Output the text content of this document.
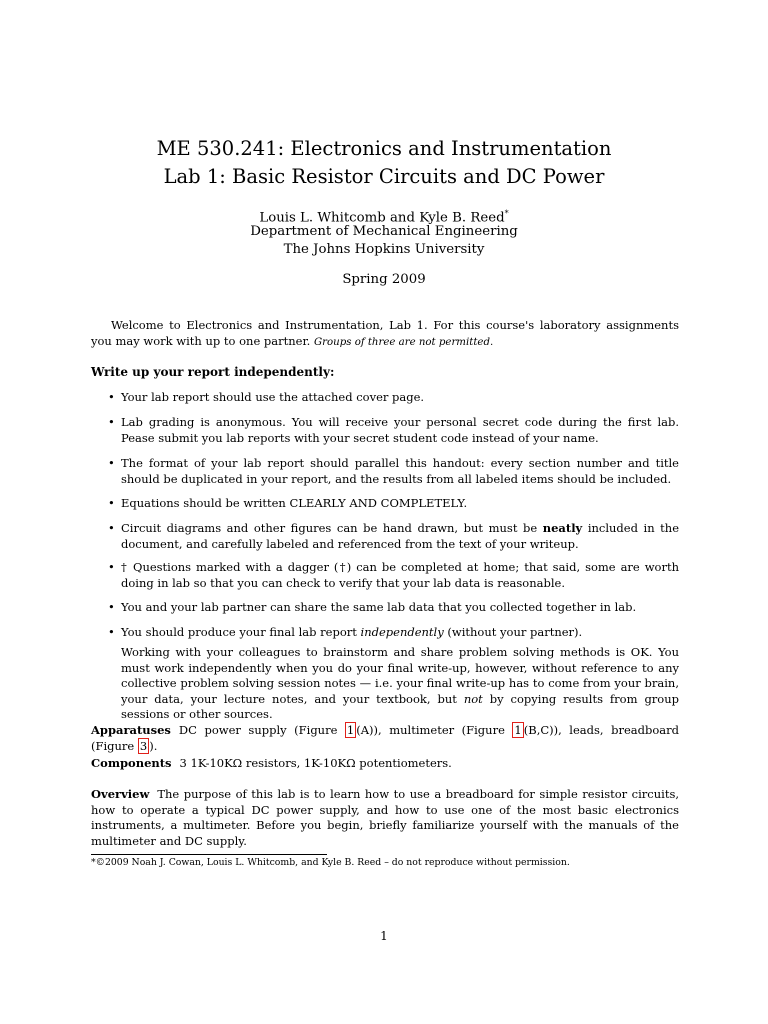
ME 530.241: Electronics and Instrumentation
Lab 1: Basic Resistor Circuits and DC Power
Louis L. Whitcomb and Kyle B. Reed*
Department of Mechanical Engineering
The Johns Hopkins University
Spring 2009
Welcome to Electronics and Instrumentation, Lab 1. For this course's laboratory assignments you may work with up to one partner. Groups of three are not permitted.
Write up your report independently:
• Your lab report should use the attached cover page.
• Lab grading is anonymous. You will receive your personal secret code during the first lab. Pease submit you lab reports with your secret student code instead of your name.
• The format of your lab report should parallel this handout: every section number and title should be duplicated in your report, and the results from all labeled items should be included.
• Equations should be written CLEARLY AND COMPLETELY.
• Circuit diagrams and other figures can be hand drawn, but must be neatly included in the document, and carefully labeled and referenced from the text of your writeup.
• † Questions marked with a dagger (†) can be completed at home; that said, some are worth doing in lab so that you can check to verify that your lab data is reasonable.
• You and your lab partner can share the same lab data that you collected together in lab.
• You should produce your final lab report independently (without your partner).
Working with your colleagues to brainstorm and share problem solving methods is OK. You must work independently when you do your final write-up, however, without reference to any collective problem solving session notes — i.e. your final write-up has to come from your brain, your data, your lecture notes, and your textbook, but not by copying results from group sessions or other sources.
Apparatuses DC power supply (Figure 1 (A)), multimeter (Figure 1 (B,C)), leads, breadboard (Figure 3 ).
Components 3 1K-10KΩ resistors, 1K-10KΩ potentiometers.
Overview The purpose of this lab is to learn how to use a breadboard for simple resistor circuits, how to operate a typical DC power supply, and how to use one of the most basic electronics instruments, a multimeter. Before you begin, briefly familiarize yourself with the manuals of the multimeter and DC supply.
*©2009 Noah J. Cowan, Louis L. Whitcomb, and Kyle B. Reed – do not reproduce without permission.
1
